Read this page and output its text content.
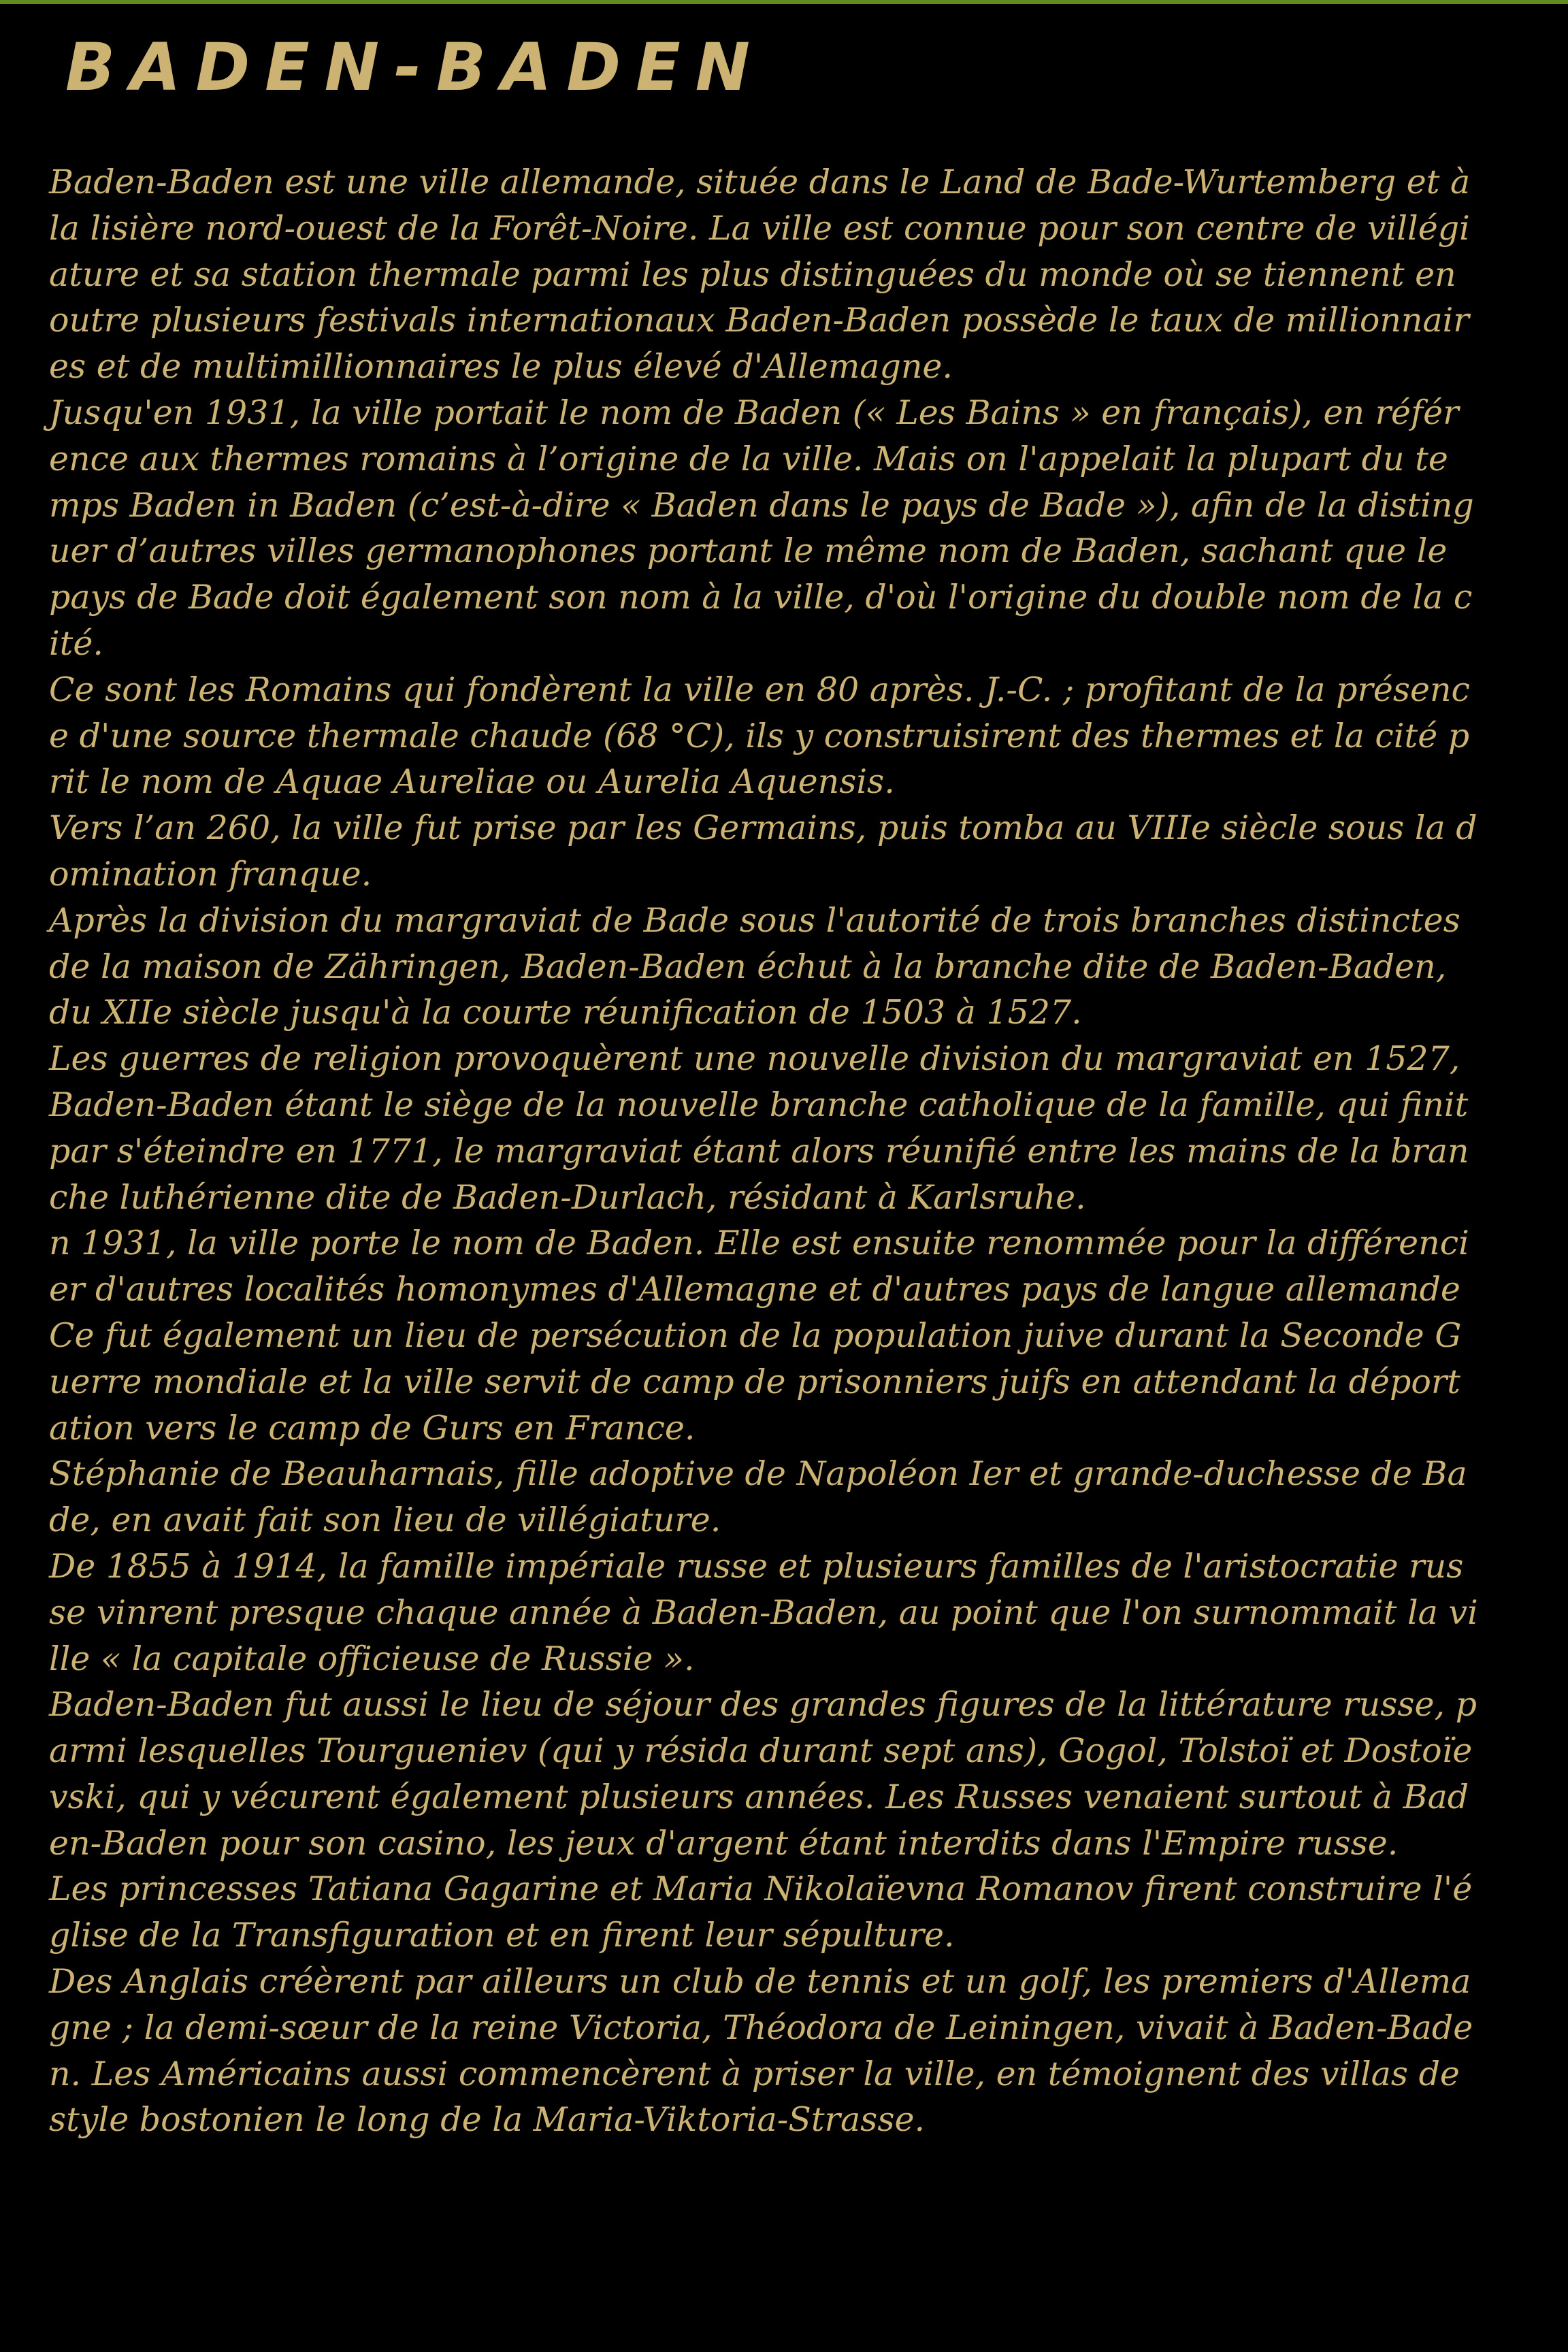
BADEN-BADEN

Baden-Baden est une ville allemande, située dans le Land de Bade-Wurtemberg et à la lisière nord-ouest de la Forêt-Noire. La ville est connue pour son centre de villégiature et sa station thermale parmi les plus distinguées du monde où se tiennent en outre plusieurs festivals internationaux Baden-Baden possède le taux de millionnaires et de multimillionnaires le plus élevé d'Allemagne.

Jusqu'en 1931, la ville portait le nom de Baden (« Les Bains » en français), en référence aux thermes romains à l’origine de la ville. Mais on l'appelait la plupart du temps Baden in Baden (c’est-à-dire « Baden dans le pays de Bade »), afin de la distinguer d’autres villes germanophones portant le même nom de Baden, sachant que le pays de Bade doit également son nom à la ville, d'où l'origine du double nom de la cité.

Ce sont les Romains qui fondèrent la ville en 80 après. J.-C. ; profitant de la présence d'une source thermale chaude (68 °C), ils y construisirent des thermes et la cité prit le nom de Aquae Aureliae ou Aurelia Aquensis.

Vers l’an 260, la ville fut prise par les Germains, puis tomba au VIIIe siècle sous la domination franque.

Après la division du margraviat de Bade sous l'autorité de trois branches distinctes de la maison de Zähringen, Baden-Baden échut à la branche dite de Baden-Baden, du XIIe siècle jusqu'à la courte réunification de 1503 à 1527.

Les guerres de religion provoquèrent une nouvelle division du margraviat en 1527, Baden-Baden étant le siège de la nouvelle branche catholique de la famille, qui finit par s'éteindre en 1771, le margraviat étant alors réunifié entre les mains de la branche luthérienne dite de Baden-Durlach, résidant à Karlsruhe.

n 1931, la ville porte le nom de Baden. Elle est ensuite renommée pour la différencier d'autres localités homonymes d'Allemagne et d'autres pays de langue allemande

Ce fut également un lieu de persécution de la population juive durant la Seconde Guerre mondiale et la ville servit de camp de prisonniers juifs en attendant la déportation vers le camp de Gurs en France.

Stéphanie de Beauharnais, fille adoptive de Napoléon Ier et grande-duchesse de Bade, en avait fait son lieu de villégiature.

De 1855 à 1914, la famille impériale russe et plusieurs familles de l'aristocratie russe vinrent presque chaque année à Baden-Baden, au point que l'on surnommait la ville « la capitale officieuse de Russie ».

Baden-Baden fut aussi le lieu de séjour des grandes figures de la littérature russe, parmi lesquelles Tourgueniev (qui y résida durant sept ans), Gogol, Tolstoï et Dostoïevski, qui y vécurent également plusieurs années. Les Russes venaient surtout à Baden-Baden pour son casino, les jeux d'argent étant interdits dans l'Empire russe.

Les princesses Tatiana Gagarine et Maria Nikolaïevna Romanov firent construire l'église de la Transfiguration et en firent leur sépulture.

Des Anglais créèrent par ailleurs un club de tennis et un golf, les premiers d'Allemagne ; la demi-sœur de la reine Victoria, Théodora de Leiningen, vivait à Baden-Baden. Les Américains aussi commencèrent à priser la ville, en témoignent des villas de style bostonien le long de la Maria-Viktoria-Strasse.
